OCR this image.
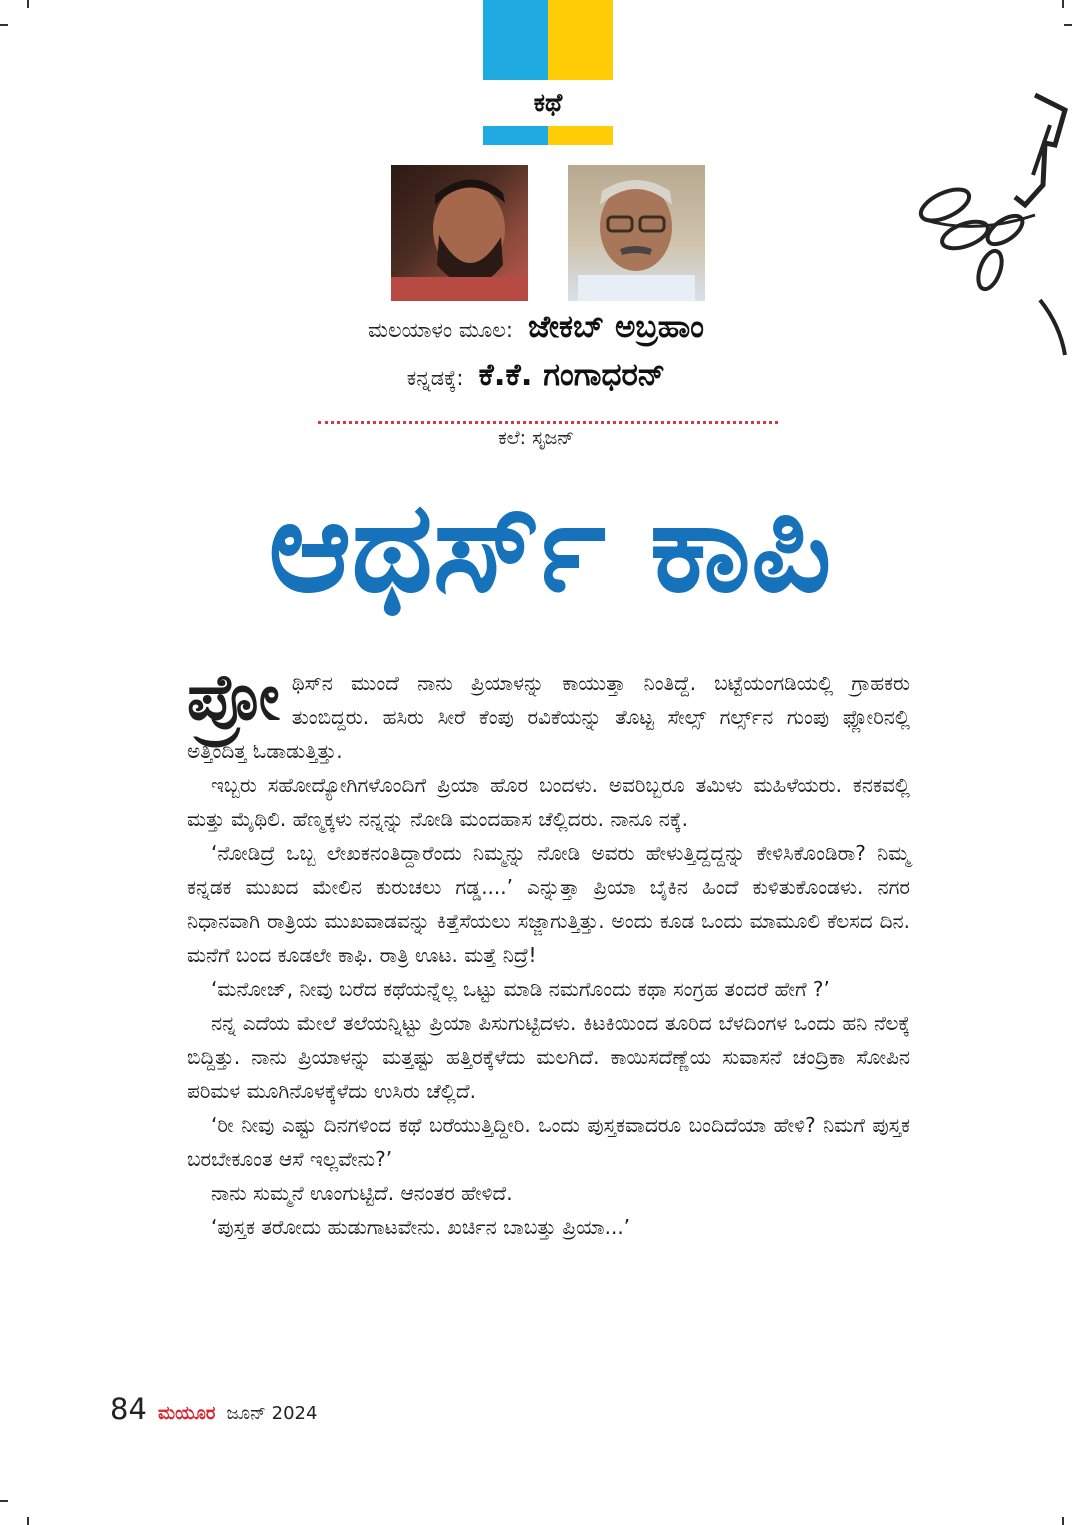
ಕಥೆ
ಮಲಯಾಳಂ ಮೂಲ: ಜೇಕಬ್ ಅಬ್ರಹಾಂ
ಕನ್ನಡಕ್ಕೆ: ಕೆ.ಕೆ. ಗಂಗಾಧರನ್
ಕಲೆ: ಸೃಜನ್
ಆಥರ್ಸ್ ಕಾಪಿ

ಪ್ರೋ ಥಿಸ್‌ನ ಮುಂದೆ ನಾನು ಪ್ರಿಯಾಳನ್ನು ಕಾಯುತ್ತಾ ನಿಂತಿದ್ದೆ. ಬಟ್ಟೆಯಂಗಡಿಯಲ್ಲಿ ಗ್ರಾಹಕರು ತುಂಬಿದ್ದರು. ಹಸಿರು ಸೀರೆ ಕೆಂಪು ರವಿಕೆಯನ್ನು ತೊಟ್ಟ ಸೇಲ್ಸ್ ಗರ್ಲ್ಸ್‌ನ ಗುಂಪು ಫ್ಲೋರಿನಲ್ಲಿ ಅತ್ತಿಂದಿತ್ತ ಓಡಾಡುತ್ತಿತ್ತು.

ಇಬ್ಬರು ಸಹೋದ್ಯೋಗಿಗಳೊಂದಿಗೆ ಪ್ರಿಯಾ ಹೊರ ಬಂದಳು. ಅವರಿಬ್ಬರೂ ತಮಿಳು ಮಹಿಳೆಯರು. ಕನಕವಲ್ಲಿ ಮತ್ತು ಮೈಥಿಲಿ. ಹೆಣ್ಮಕ್ಕಳು ನನ್ನನ್ನು ನೋಡಿ ಮಂದಹಾಸ ಚೆಲ್ಲಿದರು. ನಾನೂ ನಕ್ಕೆ.

‘ನೋಡಿದ್ರೆ ಒಬ್ಬ ಲೇಖಕನಂತಿದ್ದಾರೆಂದು ನಿಮ್ಮನ್ನು ನೋಡಿ ಅವರು ಹೇಳುತ್ತಿದ್ದದ್ದನ್ನು ಕೇಳಿಸಿಕೊಂಡಿರಾ? ನಿಮ್ಮ ಕನ್ನಡಕ ಮುಖದ ಮೇಲಿನ ಕುರುಚಲು ಗಡ್ಡ....’ ಎನ್ನುತ್ತಾ ಪ್ರಿಯಾ ಬೈಕಿನ ಹಿಂದೆ ಕುಳಿತುಕೊಂಡಳು. ನಗರ ನಿಧಾನವಾಗಿ ರಾತ್ರಿಯ ಮುಖವಾಡವನ್ನು ಕಿತ್ತೆಸೆಯಲು ಸಜ್ಜಾಗುತ್ತಿತ್ತು. ಅಂದು ಕೂಡ ಒಂದು ಮಾಮೂಲಿ ಕೆಲಸದ ದಿನ. ಮನೆಗೆ ಬಂದ ಕೂಡಲೇ ಕಾಫಿ. ರಾತ್ರಿ ಊಟ. ಮತ್ತೆ ನಿದ್ರೆ!

‘ಮನೋಜ್, ನೀವು ಬರೆದ ಕಥೆಯನ್ನೆಲ್ಲ ಒಟ್ಟು ಮಾಡಿ ನಮಗೊಂದು ಕಥಾ ಸಂಗ್ರಹ ತಂದರೆ ಹೇಗೆ ?’

ನನ್ನ ಎದೆಯ ಮೇಲೆ ತಲೆಯನ್ನಿಟ್ಟು ಪ್ರಿಯಾ ಪಿಸುಗುಟ್ಟಿದಳು. ಕಿಟಕಿಯಿಂದ ತೂರಿದ ಬೆಳದಿಂಗಳ ಒಂದು ಹನಿ ನೆಲಕ್ಕೆ ಬಿದ್ದಿತ್ತು. ನಾನು ಪ್ರಿಯಾಳನ್ನು ಮತ್ತಷ್ಟು ಹತ್ತಿರಕ್ಕೆಳೆದು ಮಲಗಿದೆ. ಕಾಯಿಸದೆಣ್ಣೆಯ ಸುವಾಸನೆ ಚಂದ್ರಿಕಾ ಸೋಪಿನ ಪರಿಮಳ ಮೂಗಿನೊಳಕ್ಕೆಳೆದು ಉಸಿರು ಚೆಲ್ಲಿದೆ.

‘ರೀ ನೀವು ಎಷ್ಟು ದಿನಗಳಿಂದ ಕಥೆ ಬರೆಯುತ್ತಿದ್ದೀರಿ. ಒಂದು ಪುಸ್ತಕವಾದರೂ ಬಂದಿದೆಯಾ ಹೇಳಿ? ನಿಮಗೆ ಪುಸ್ತಕ ಬರಬೇಕೂಂತ ಆಸೆ ಇಲ್ಲವೇನು?’

ನಾನು ಸುಮ್ಮನೆ ಊಂಗುಟ್ಟಿದೆ. ಆನಂತರ ಹೇಳಿದೆ.

‘ಪುಸ್ತಕ ತರೋದು ಹುಡುಗಾಟವೇನು. ಖರ್ಚಿನ ಬಾಬತ್ತು ಪ್ರಿಯಾ...’

84 ಮಯೂರ ಜೂನ್ 2024
